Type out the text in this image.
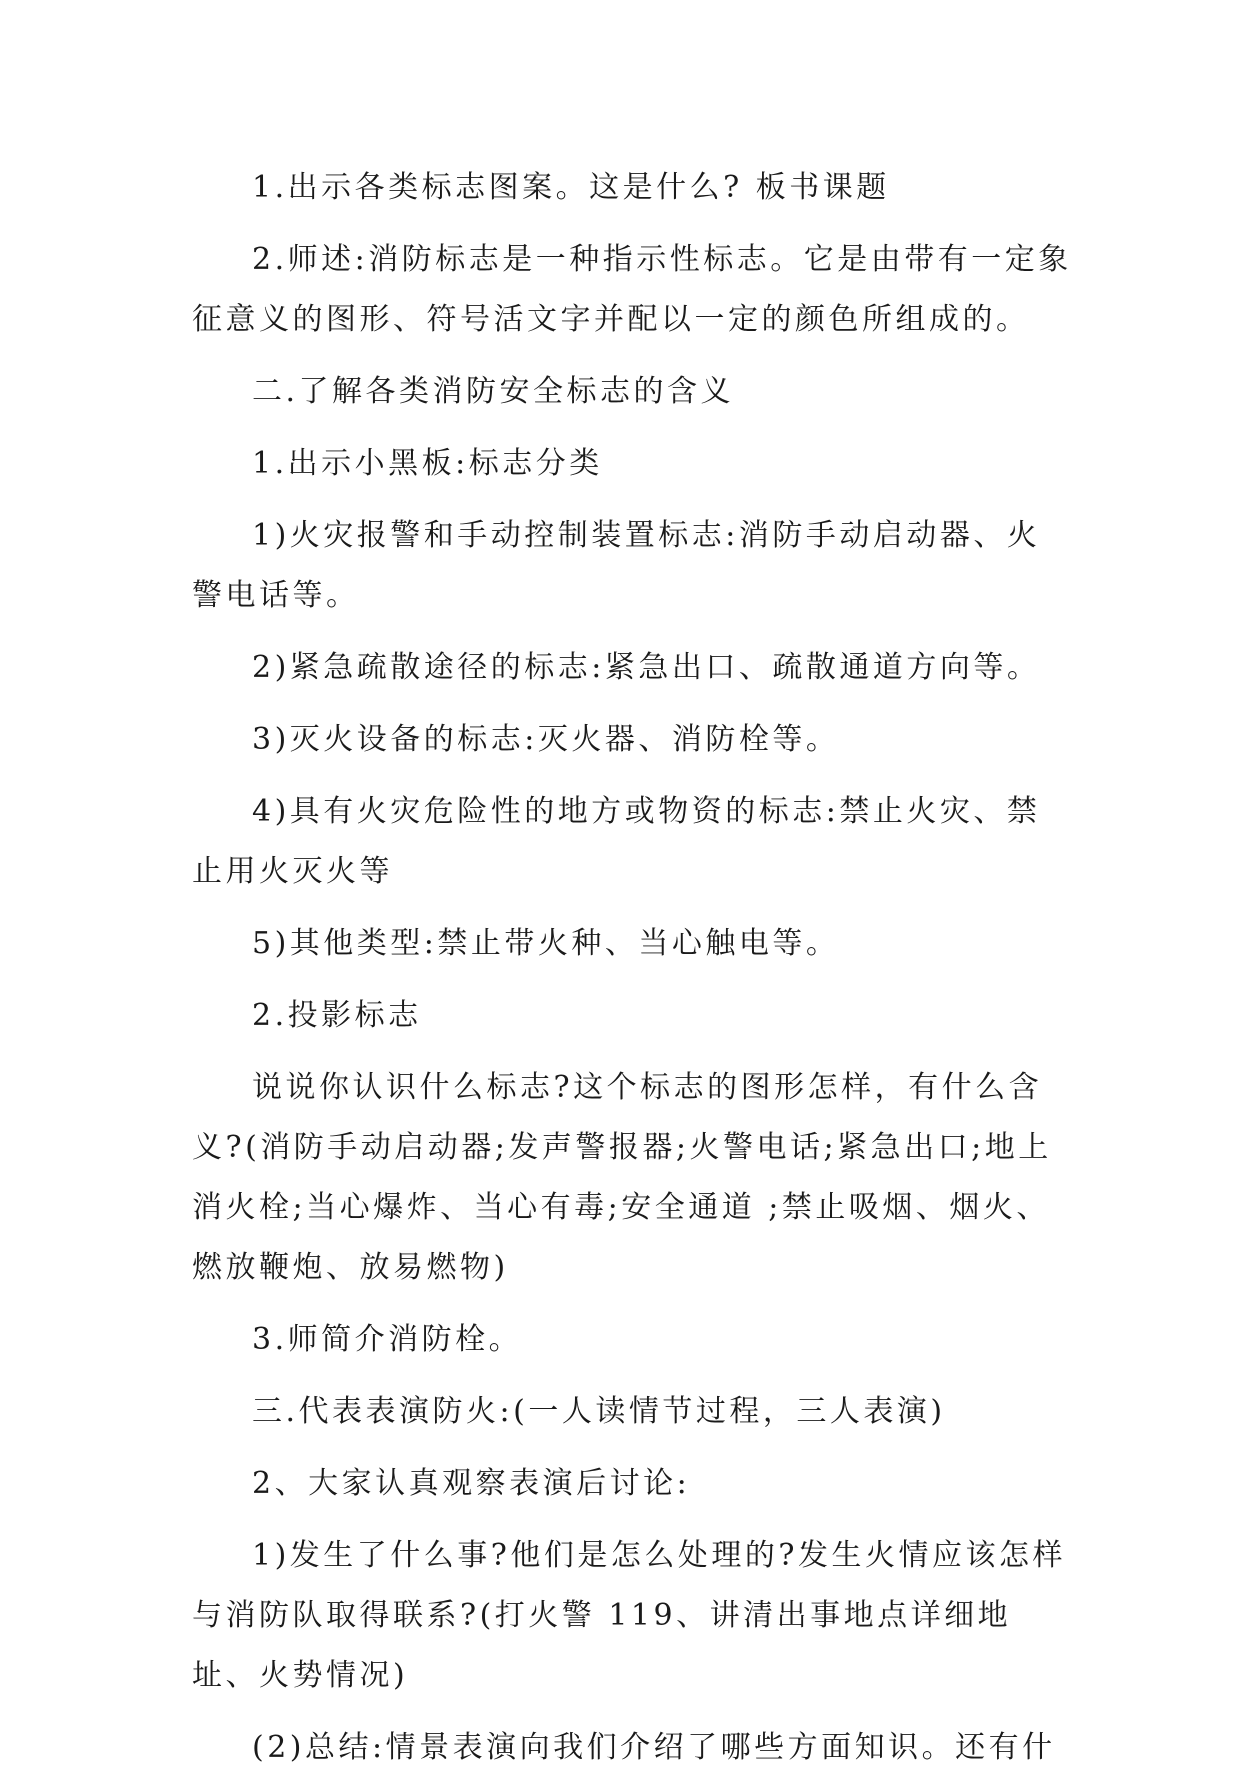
1.出示各类标志图案。这是什么? 板书课题

2.师述:消防标志是一种指示性标志。它是由带有一定象征意义的图形、符号活文字并配以一定的颜色所组成的。

二.了解各类消防安全标志的含义

1.出示小黑板:标志分类

1)火灾报警和手动控制装置标志:消防手动启动器、火警电话等。

2)紧急疏散途径的标志:紧急出口、疏散通道方向等。

3)灭火设备的标志:灭火器、消防栓等。

4)具有火灾危险性的地方或物资的标志:禁止火灾、禁止用火灭火等

5)其他类型:禁止带火种、当心触电等。

2.投影标志

说说你认识什么标志?这个标志的图形怎样，有什么含义?(消防手动启动器;发声警报器;火警电话;紧急出口;地上消火栓;当心爆炸、当心有毒;安全通道 ;禁止吸烟、烟火、燃放鞭炮、放易燃物)

3.师简介消防栓。

三.代表表演防火:(一人读情节过程，三人表演)

2、大家认真观察表演后讨论:

1)发生了什么事?他们是怎么处理的?发生火情应该怎样与消防队取得联系?(打火警 119、讲清出事地点详细地址、火势情况)

(2)总结:情景表演向我们介绍了哪些方面知识。还有什
